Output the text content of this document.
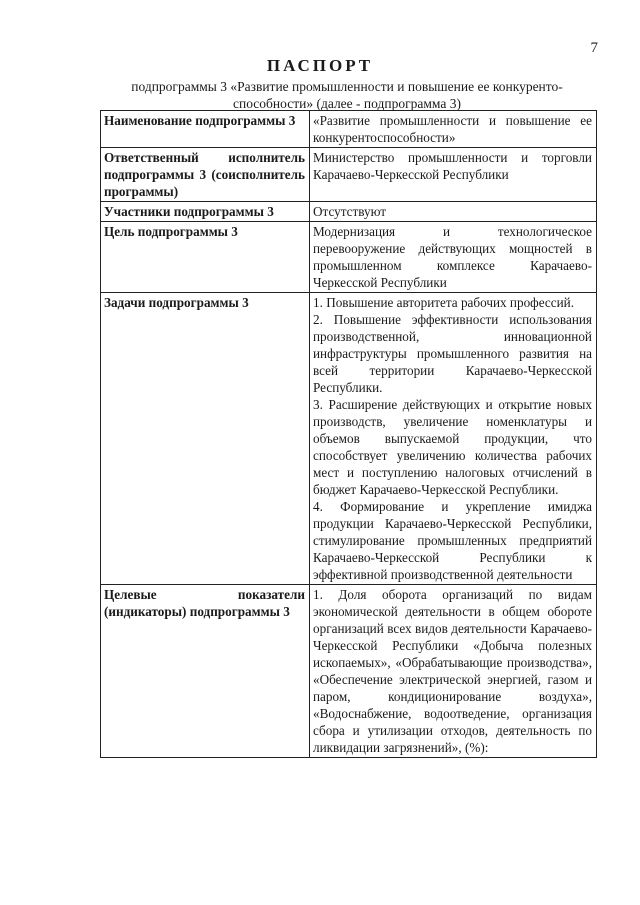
7
ПАСПОРТ
подпрограммы 3 «Развитие промышленности и повышение ее конкуренто-способности» (далее - подпрограмма 3)
Наименование подпрограммы 3	«Развитие промышленности и повышение ее конкурентоспособности»
Ответственный исполнитель подпрограммы 3 (соисполнитель программы)	Министерство промышленности и торговли Карачаево-Черкесской Республики
Участники подпрограммы 3	Отсутствуют
Цель подпрограммы 3	Модернизация и технологическое перевооружение действующих мощностей в промышленном комплексе Карачаево-Черкесской Республики
Задачи подпрограммы 3	1. Повышение авторитета рабочих профессий.

2. Повышение эффективности использования производственной, инновационной инфраструктуры промышленного развития на всей территории Карачаево-Черкесской Республики.

3. Расширение действующих и открытие новых производств, увеличение номенклатуры и объемов выпускаемой продукции, что способствует увеличению количества рабочих мест и поступлению налоговых отчислений в бюджет Карачаево-Черкесской Республики.

4. Формирование и укрепление имиджа продукции Карачаево-Черкесской Республики, стимулирование промышленных предприятий Карачаево-Черкесской Республики к эффективной производственной деятельности

Целевые показатели (индикаторы) подпрограммы 3	1. Доля оборота организаций по видам экономической деятельности в общем обороте организаций всех видов деятельности Карачаево-Черкесской Республики «Добыча полезных ископаемых», «Обрабатывающие производства», «Обеспечение электрической энергией, газом и паром, кондиционирование воздуха», «Водоснабжение, водоотведение, организация сбора и утилизации отходов, деятельность по ликвидации загрязнений», (%):
